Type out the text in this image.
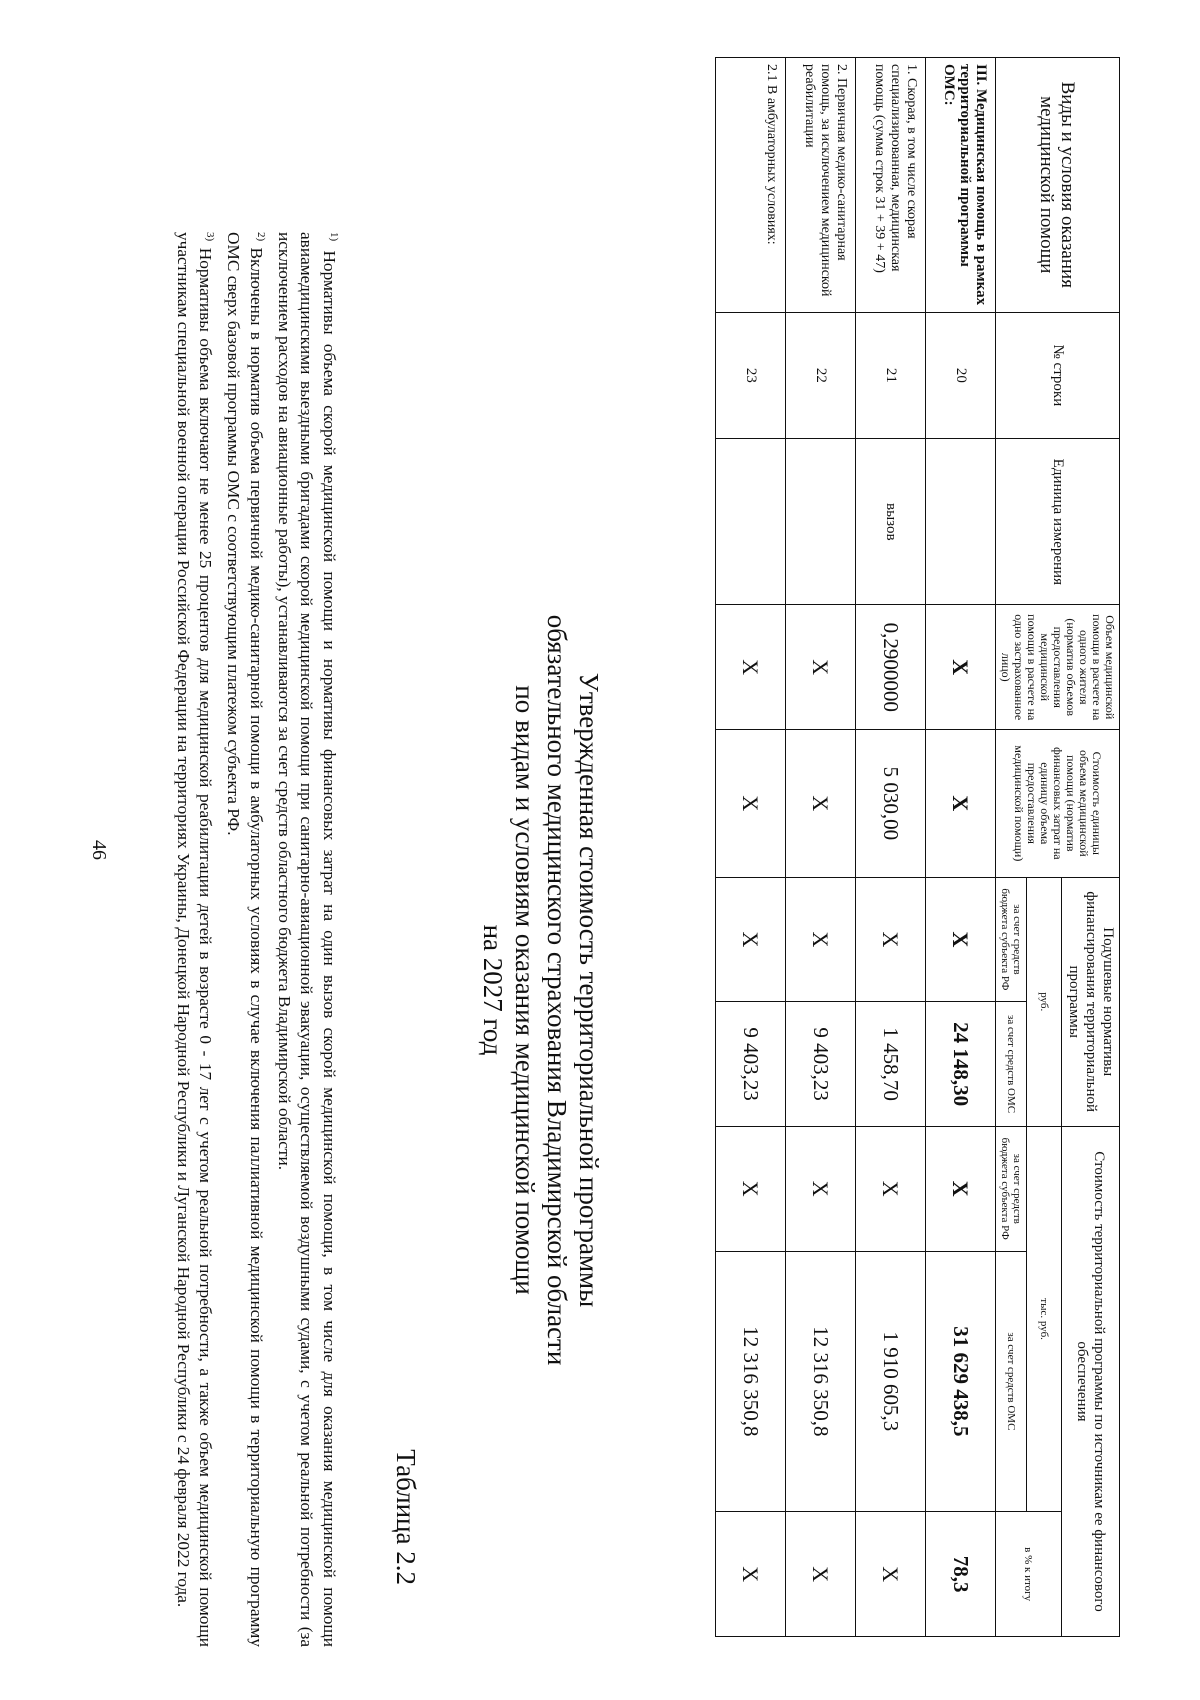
46

$^{1)}$ Нормативы объема скорой медицинской помощи и нормативы финансовых затрат на один вызов скорой медицинской помощи, в том числе для оказания медицинской помощи авиамедицинскими выездными бригадами скорой медицинской помощи при санитарно-авиационной эвакуации, осуществляемой воздушными судами, с учетом реальной потребности (за исключением расходов на авиационные работы), устанавливаются за счет средств областного бюджета Владимирской области.

$^{2)}$ Включены в норматив объема первичной медико-санитарной помощи в амбулаторных условиях в случае включения паллиативной медицинской помощи в территориальную программу ОМС сверх базовой программы ОМС с соответствующим платежом субъекта РФ.

$^{3)}$ Нормативы объема включают не менее 25 процентов для медицинской реабилитации детей в возрасте 0 - 17 лет с учетом реальной потребности, а также объем медицинской помощи участникам специальной военной операции Российской Федерации на территориях Украины, Донецкой Народной Республики и Луганской Народной Республики с 24 февраля 2022 года.	Таблица 2.2
Утвержденная стоимость территориальной программы
обязательного медицинского страхования Владимирской области
по видам и условиям оказания медицинской помощи
на 2027 год
Виды и условия оказания медицинской помощи	№ строки	Единица измерения	Объем медицинской помощи в расчете на одного жителя (норматив объемов предоставления медицинской помощи в расчете на одно застрахованное лицо)	Стоимость единицы объема медицинской помощи (норматив финансовых затрат на единицу объема предоставления медицинской помощи)	Подушевые нормативы финансирования территориальной программы		Стоимость территориальной программы по источникам ее финансового обеспечения		
					руб.		тыс. руб.		в % к итогу
					за счет средств бюджета субъекта РФ	за счет средств ОМС	за счет средств бюджета субъекта РФ	за счет средств ОМС	
III. Медицинская помощь в рамках территориальной программы ОМС:	20		X	X	X	24 148,30	X	31 629 438,5	78,3
1. Скорая, в том числе скорая специализированная, медицинская помощь (сумма строк 31 + 39 + 47)	21	вызов	0,2900000	5 030,00	X	1 458,70	X	1 910 605,3	X
2. Первичная медико-санитарная помощь, за исключением медицинской реабилитации	22		X	X	X	9 403,23	X	12 316 350,8	X
2.1 В амбулаторных условиях:	23		X	X	X	9 403,23	X	12 316 350,8	X
